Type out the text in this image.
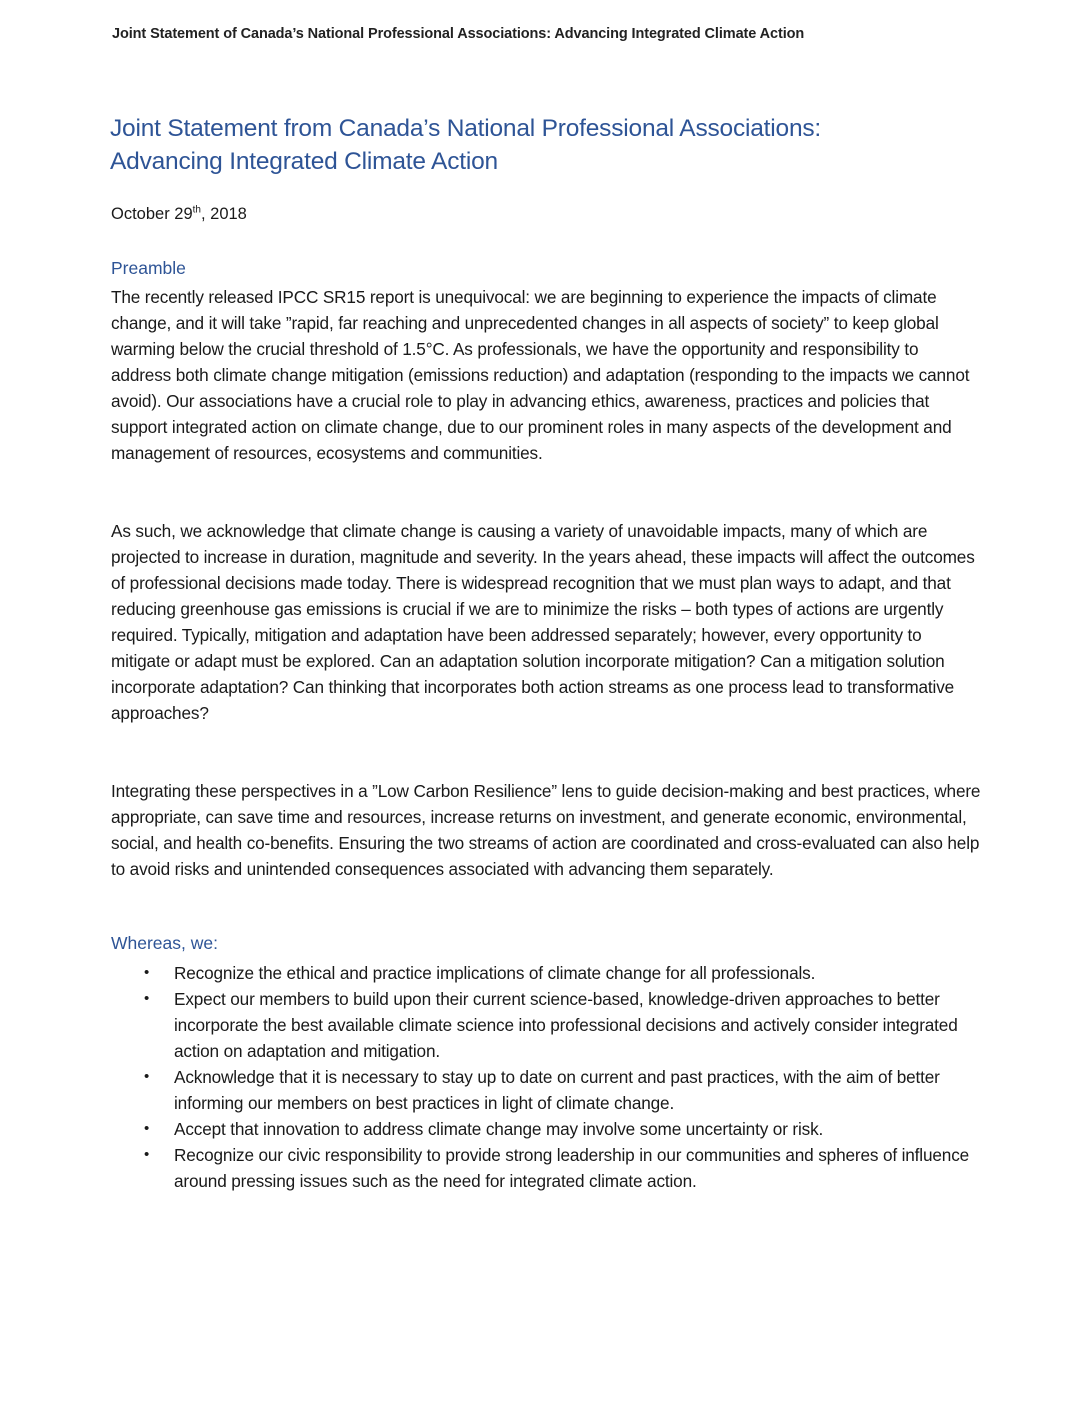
Joint Statement of Canada’s National Professional Associations: Advancing Integrated Climate Action
Joint Statement from Canada’s National Professional Associations:
Advancing Integrated Climate Action
October 29th, 2018
Preamble

The recently released IPCC SR15 report is unequivocal: we are beginning to experience the impacts of climate change, and it will take ”rapid, far reaching and unprecedented changes in all aspects of society” to keep global warming below the crucial threshold of 1.5°C. As professionals, we have the opportunity and responsibility to address both climate change mitigation (emissions reduction) and adaptation (responding to the impacts we cannot avoid). Our associations have a crucial role to play in advancing ethics, awareness, practices and policies that support integrated action on climate change, due to our prominent roles in many aspects of the development and management of resources, ecosystems and communities.

As such, we acknowledge that climate change is causing a variety of unavoidable impacts, many of which are projected to increase in duration, magnitude and severity. In the years ahead, these impacts will affect the outcomes of professional decisions made today. There is widespread recognition that we must plan ways to adapt, and that reducing greenhouse gas emissions is crucial if we are to minimize the risks – both types of actions are urgently required. Typically, mitigation and adaptation have been addressed separately; however, every opportunity to mitigate or adapt must be explored. Can an adaptation solution incorporate mitigation? Can a mitigation solution incorporate adaptation? Can thinking that incorporates both action streams as one process lead to transformative approaches?

Integrating these perspectives in a ”Low Carbon Resilience” lens to guide decision-making and best practices, where appropriate, can save time and resources, increase returns on investment, and generate economic, environmental, social, and health co-benefits. Ensuring the two streams of action are coordinated and cross-evaluated can also help to avoid risks and unintended consequences associated with advancing them separately.

Whereas, we:
• Recognize the ethical and practice implications of climate change for all professionals.
• Expect our members to build upon their current science-based, knowledge-driven approaches to better incorporate the best available climate science into professional decisions and actively consider integrated action on adaptation and mitigation.
• Acknowledge that it is necessary to stay up to date on current and past practices, with the aim of better informing our members on best practices in light of climate change.
• Accept that innovation to address climate change may involve some uncertainty or risk.
• Recognize our civic responsibility to provide strong leadership in our communities and spheres of influence around pressing issues such as the need for integrated climate action.
